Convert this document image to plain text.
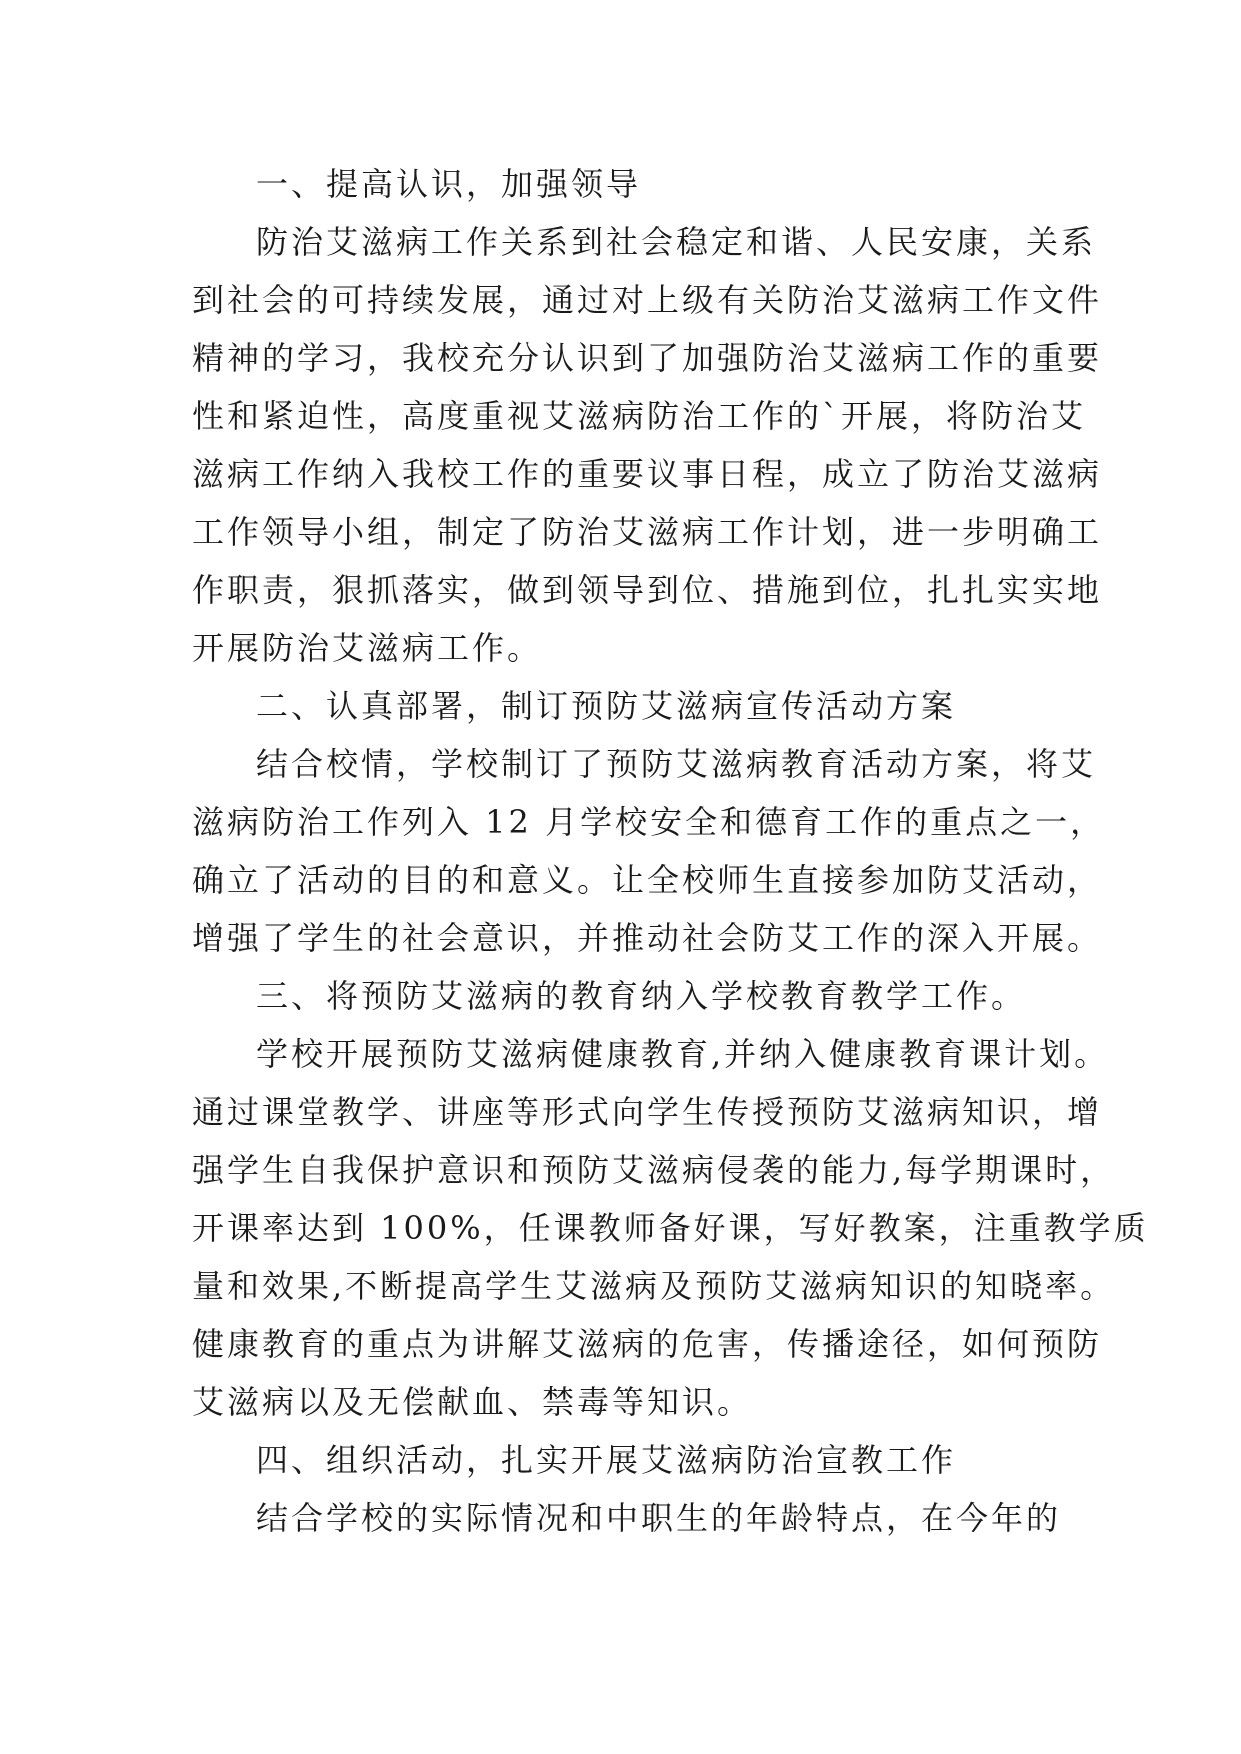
一、提高认识，加强领导
防治艾滋病工作关系到社会稳定和谐、人民安康，关系
到社会的可持续发展，通过对上级有关防治艾滋病工作文件
精神的学习，我校充分认识到了加强防治艾滋病工作的重要
性和紧迫性，高度重视艾滋病防治工作的`开展，将防治艾
滋病工作纳入我校工作的重要议事日程，成立了防治艾滋病
工作领导小组，制定了防治艾滋病工作计划，进一步明确工
作职责，狠抓落实，做到领导到位、措施到位，扎扎实实地
开展防治艾滋病工作。
二、认真部署，制订预防艾滋病宣传活动方案
结合校情，学校制订了预防艾滋病教育活动方案，将艾
滋病防治工作列入 12 月学校安全和德育工作的重点之一，
确立了活动的目的和意义。让全校师生直接参加防艾活动，
增强了学生的社会意识，并推动社会防艾工作的深入开展。
三、将预防艾滋病的教育纳入学校教育教学工作。
学校开展预防艾滋病健康教育,并纳入健康教育课计划。
通过课堂教学、讲座等形式向学生传授预防艾滋病知识，增
强学生自我保护意识和预防艾滋病侵袭的能力,每学期课时，
开课率达到 100%，任课教师备好课，写好教案，注重教学质
量和效果,不断提高学生艾滋病及预防艾滋病知识的知晓率。
健康教育的重点为讲解艾滋病的危害，传播途径，如何预防
艾滋病以及无偿献血、禁毒等知识。
四、组织活动，扎实开展艾滋病防治宣教工作
结合学校的实际情况和中职生的年龄特点，在今年的
